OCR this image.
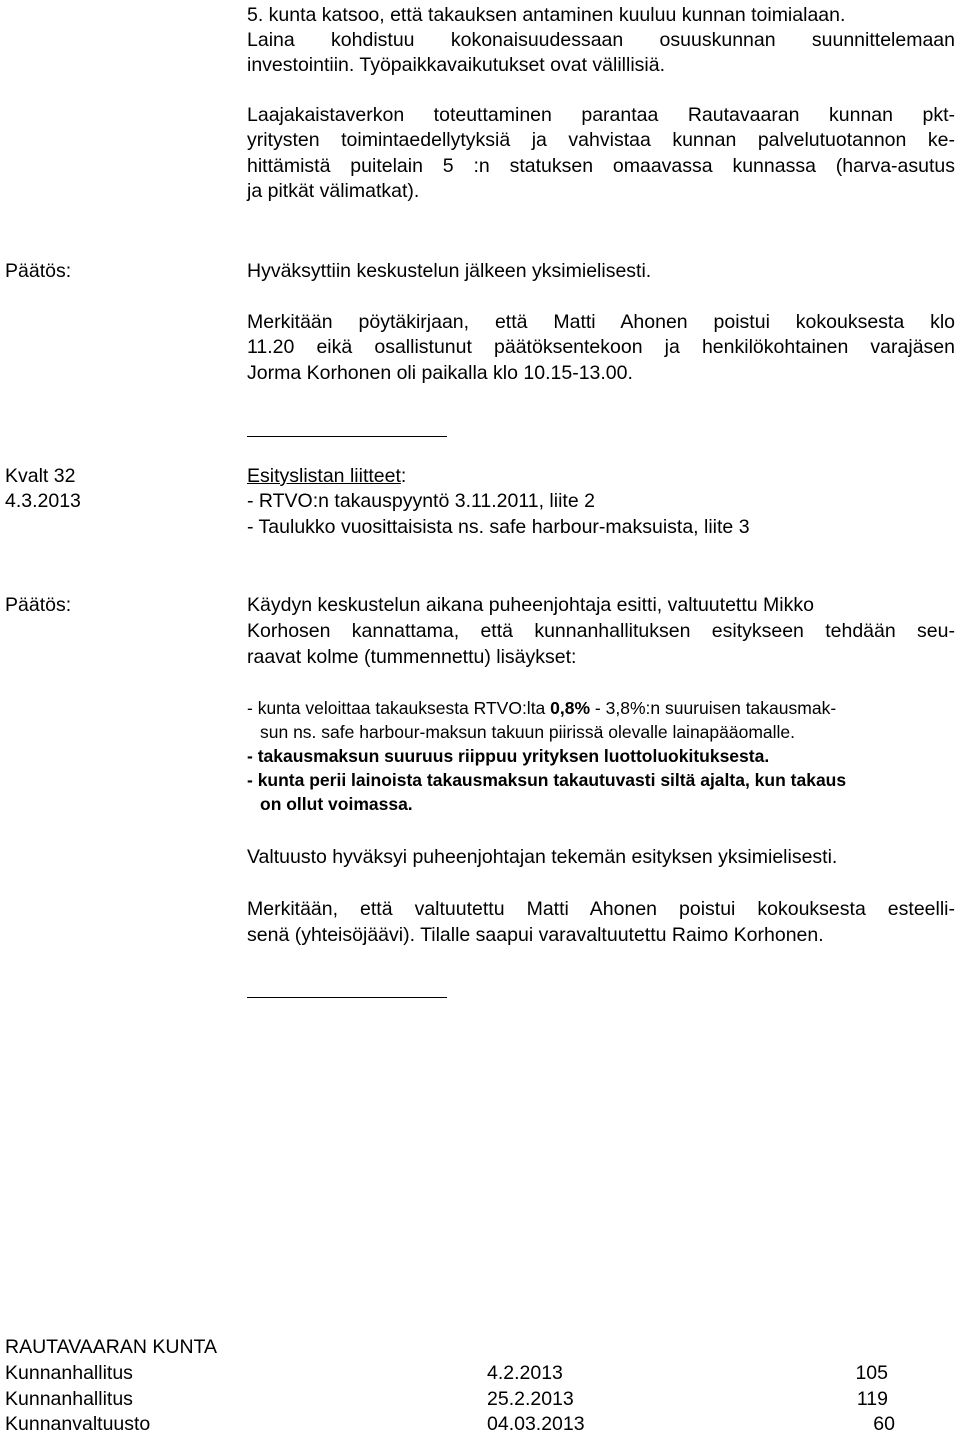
5. kunta katsoo, että takauksen antaminen kuuluu kunnan toimialaan.
Laina kohdistuu kokonaisuudessaan osuuskunnan suunnittelemaan
investointiin. Työpaikkavaikutukset ovat välillisiä.
Laajakaistaverkon toteuttaminen parantaa Rautavaaran kunnan pkt-
yritysten toimintaedellytyksiä ja vahvistaa kunnan palvelutuotannon ke-
hittämistä puitelain 5 :n statuksen omaavassa kunnassa (harva-asutus
ja pitkät välimatkat).
Päätös:	Hyväksyttiin keskustelun jälkeen yksimielisesti.
Merkitään pöytäkirjaan, että Matti Ahonen poistui kokouksesta klo
11.20 eikä osallistunut päätöksentekoon ja henkilökohtainen varajäsen
Jorma Korhonen oli paikalla klo 10.15-13.00.
Kvalt 32	Esityslistan liitteet:
4.3.2013	- RTVO:n takauspyyntö 3.11.2011, liite 2
- Taulukko vuosittaisista ns. safe harbour-maksuista, liite 3
Päätös:	Käydyn keskustelun aikana puheenjohtaja esitti, valtuutettu Mikko
Korhosen kannattama, että kunnanhallituksen esitykseen tehdään seu-
raavat kolme (tummennettu) lisäykset:
- kunta veloittaa takauksesta RTVO:lta 0,8% - 3,8%:n suuruisen takausmak-
sun ns. safe harbour-maksun takuun piirissä olevalle lainapääomalle.
- takausmaksun suuruus riippuu yrityksen luottoluokituksesta.
- kunta perii lainoista takausmaksun takautuvasti siltä ajalta, kun takaus
on ollut voimassa.
Valtuusto hyväksyi puheenjohtajan tekemän esityksen yksimielisesti.
Merkitään, että valtuutettu Matti Ahonen poistui kokouksesta esteelli-
senä (yhteisöjäävi). Tilalle saapui varavaltuutettu Raimo Korhonen.
RAUTAVAARAN KUNTA
Kunnanhallitus	4.2.2013	105
Kunnanhallitus	25.2.2013	119
Kunnanvaltuusto	04.03.2013	60
